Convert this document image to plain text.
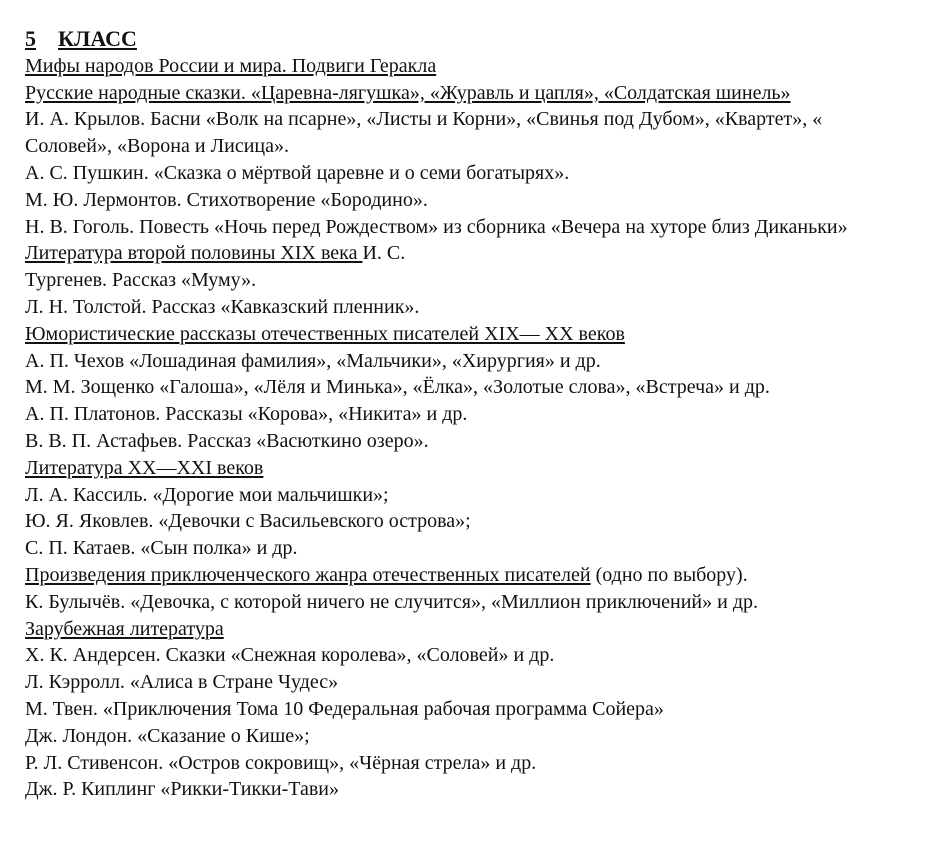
5 КЛАСС
Мифы народов России и мира. Подвиги Геракла
Русские народные сказки. «Царевна-лягушка», «Журавль и цапля», «Солдатская шинель»
И. А. Крылов. Басни «Волк на псарне», «Листы и Корни», «Свинья под Дубом», «Квартет», «
Соловей», «Ворона и Лисица».
А. С. Пушкин. «Сказка о мёртвой царевне и о семи богатырях».
М. Ю. Лермонтов. Стихотворение «Бородино».
Н. В. Гоголь. Повесть «Ночь перед Рождеством» из сборника «Вечера на хуторе близ Диканьки»
Литература второй половины XIX века И. С.
Тургенев. Рассказ «Муму».
Л. Н. Толстой. Рассказ «Кавказский пленник».
Юмористические рассказы отечественных писателей XIX— XX веков
А. П. Чехов «Лошадиная фамилия», «Мальчики», «Хирургия» и др.
М. М. Зощенко «Галоша», «Лёля и Минька», «Ёлка», «Золотые слова», «Встреча» и др.
А. П. Платонов. Рассказы «Корова», «Никита» и др.
В. В. П. Астафьев. Рассказ «Васюткино озеро».
Литература XX—XXI веков
Л. А. Кассиль. «Дорогие мои мальчишки»;
Ю. Я. Яковлев. «Девочки с Васильевского острова»;
С. П. Катаев. «Сын полка» и др.
Произведения приключенческого жанра отечественных писателей (одно по выбору).
К. Булычёв. «Девочка, с которой ничего не случится», «Миллион приключений» и др.
Зарубежная литература
Х. К. Андерсен. Сказки «Снежная королева», «Соловей» и др.
Л. Кэрролл. «Алиса в Стране Чудес»
М. Твен. «Приключения Тома 10 Федеральная рабочая программа Сойера»
Дж. Лондон. «Сказание о Кише»;
Р. Л. Стивенсон. «Остров сокровищ», «Чёрная стрела» и др.
Дж. Р. Киплинг «Рикки-Тикки-Тави»
